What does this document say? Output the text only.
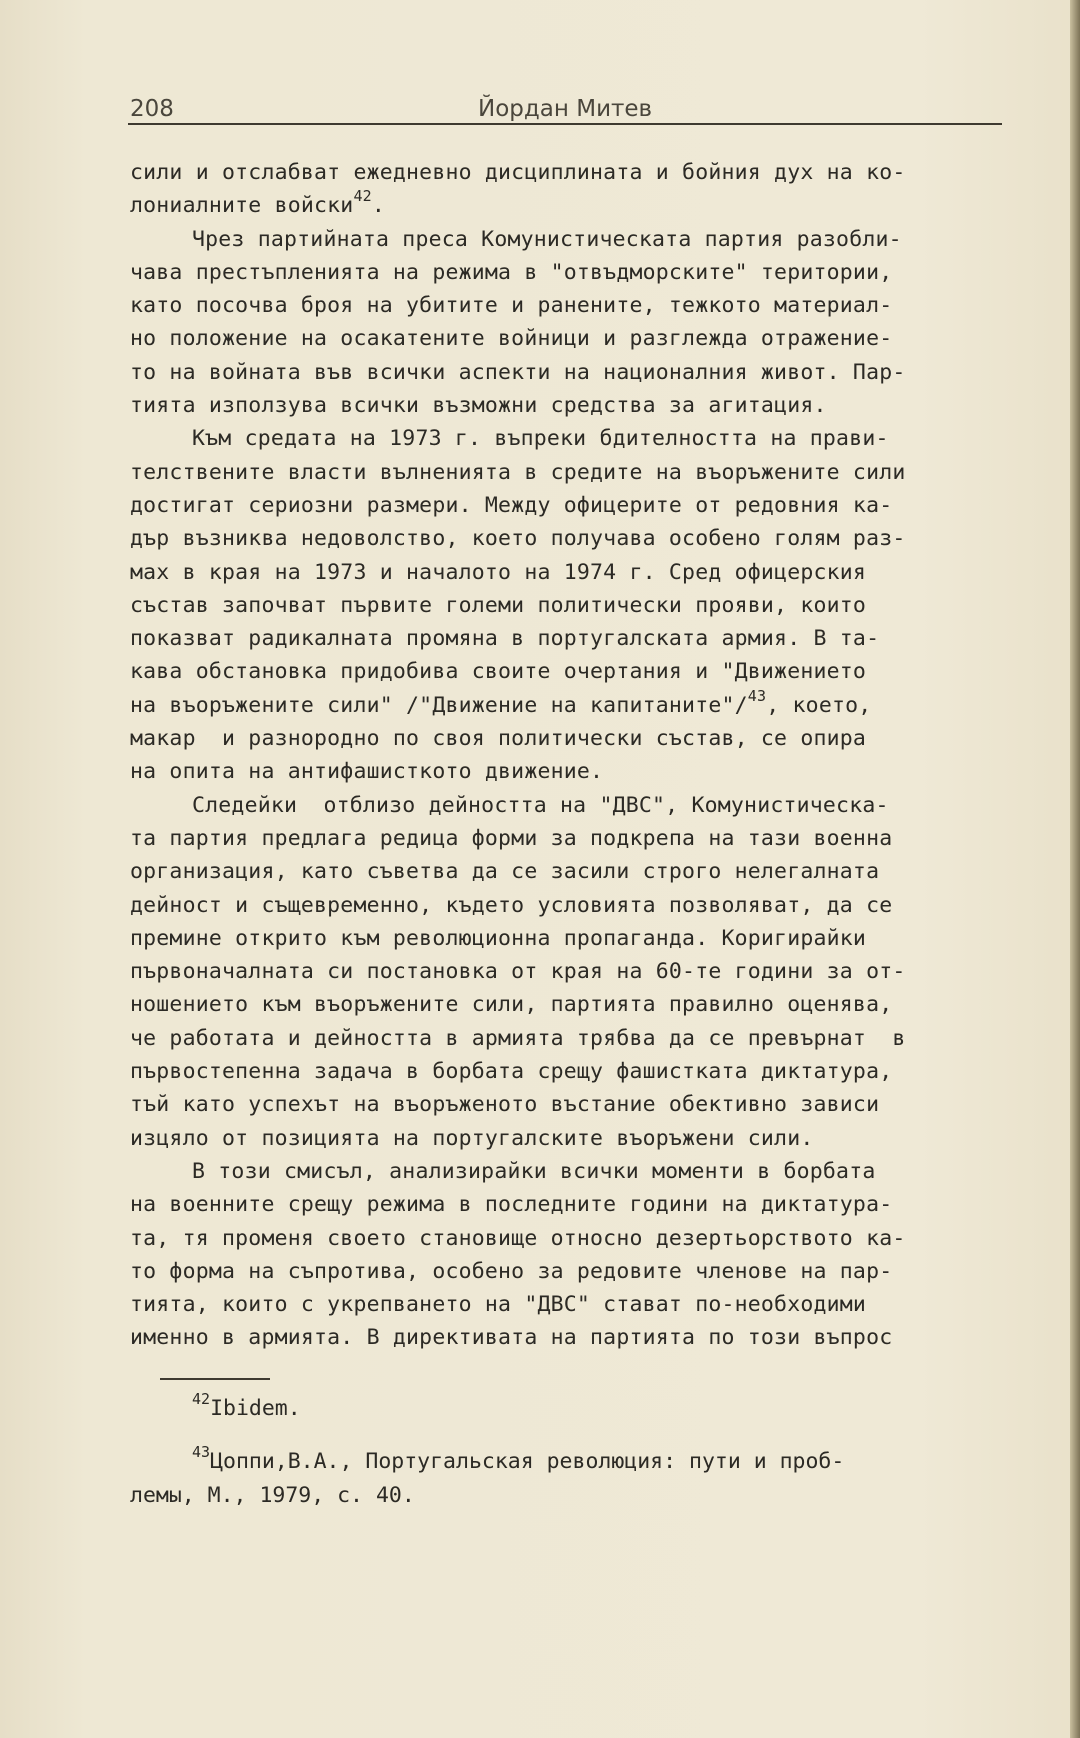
208	Йордан Митев
сили и отслабват ежедневно дисциплината и бойния дух на ко-
лониалните войски$^{42}$.
Чрез партийната преса Комунистическата партия разобли-
чава престъпленията на режима в "отвъдморските" територии,
като посочва броя на убитите и ранените, тежкото материал-
но положение на осакатените войници и разглежда отражение-
то на войната във всички аспекти на националния живот. Пар-
тията използува всички възможни средства за агитация.
Към средата на 1973 г. въпреки бдителността на прави-
телствените власти вълненията в средите на въоръжените сили
достигат сериозни размери. Между офицерите от редовния ка-
дър възниква недоволство, което получава особено голям раз-
мах в края на 1973 и началото на 1974 г. Сред офицерския
състав започват първите големи политически прояви, които
показват радикалната промяна в португалската армия. В та-
кава обстановка придобива своите очертания и "Движението
на въоръжените сили" /"Движение на капитаните"/$^{43}$, което,
макар  и разнородно по своя политически състав, се опира
на опита на антифашисткото движение.
Следейки  отблизо дейността на "ДВС", Комунистическа-
та партия предлага редица форми за подкрепа на тази военна
организация, като съветва да се засили строго нелегалната
дейност и същевременно, където условията позволяват, да се
премине открито към революционна пропаганда. Коригирайки
първоначалната си постановка от края на 60-те години за от-
ношението към въоръжените сили, партията правилно оценява,
че работата и дейността в армията трябва да се превърнат  в
първостепенна задача в борбата срещу фашистката диктатура,
тъй като успехът на въоръженото въстание обективно зависи
изцяло от позицията на португалските въоръжени сили.
В този смисъл, анализирайки всички моменти в борбата
на военните срещу режима в последните години на диктатура-
та, тя променя своето становище относно дезертьорството ка-
то форма на съпротива, особено за редовите членове на пар-
тията, които с укрепването на "ДВС" стават по-необходими
именно в армията. В директивата на партията по този въпрос
$^{42}$Ibidem.
$^{43}$Цоппи,В.А., Португальская революция: пути и проб-
лемы, М., 1979, с. 40.
